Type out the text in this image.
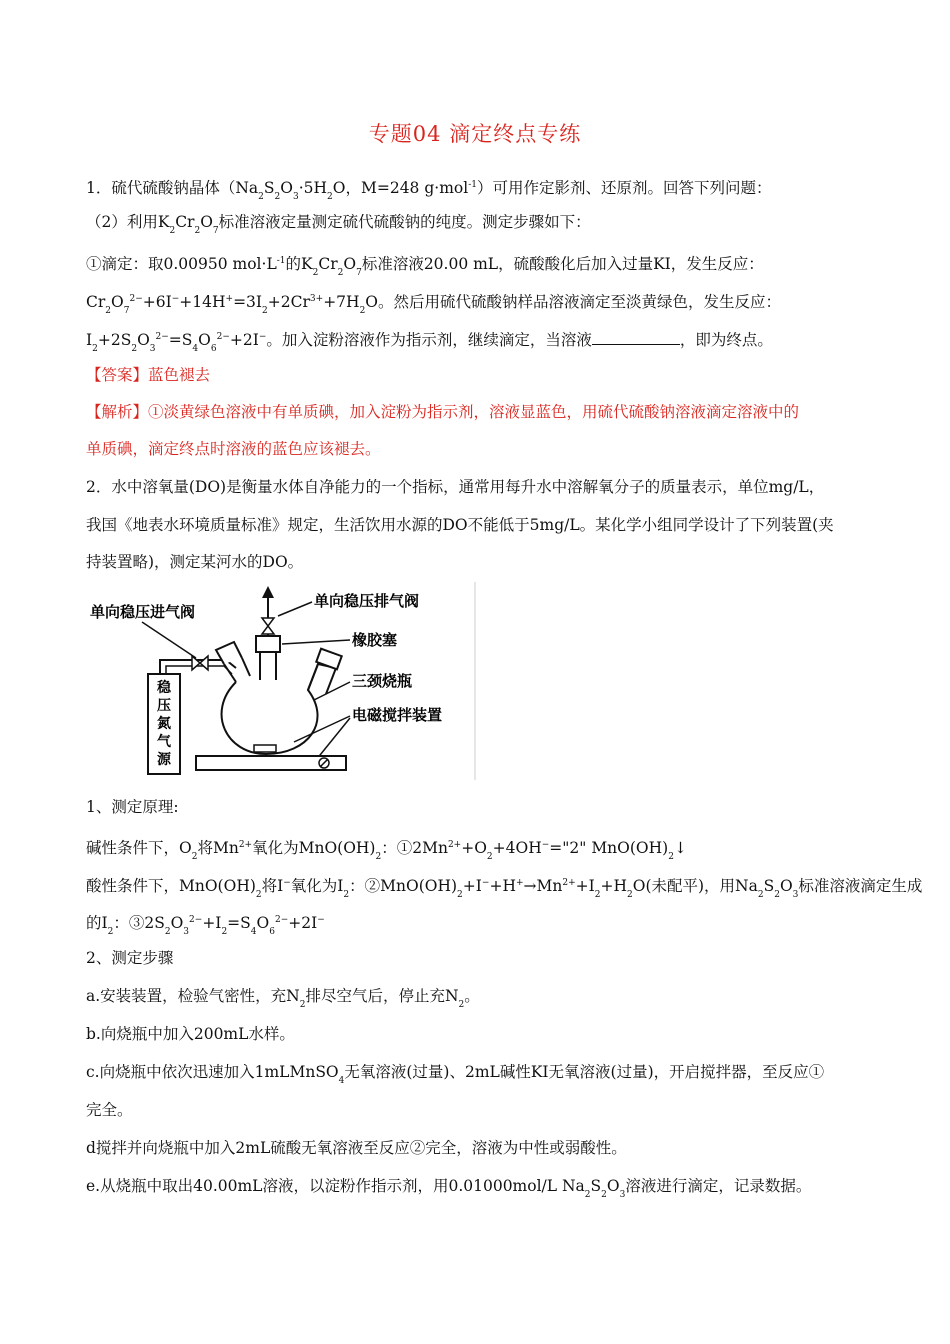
专题04 滴定终点专练
1．硫代硫酸钠晶体（$Na_2S_2O_3\cdot 5H_2O$，M=248 g·mol$^{-1}$）可用作定影剂、还原剂。回答下列问题：
（2）利用$K_2Cr_2O_7$标准溶液定量测定硫代硫酸钠的纯度。测定步骤如下：
①滴定：取0.00950 $mol\cdot L^{-1}$的$K_2Cr_2O_7$标准溶液20.00 mL，硫酸酸化后加入过量KI，发生反应：
$Cr_2O_7^{2-}+6I^-+14H^+=3I_2+2Cr^{3+}+7H_2O$。然后用硫代硫酸钠样品溶液滴定至淡黄绿色，发生反应：
$I_2+2S_2O_3^{2-}=S_4O_6^{2-}+2I^-$。加入淀粉溶液作为指示剂，继续滴定，当溶液	，即为终点。
【答案】蓝色褪去
【解析】①淡黄绿色溶液中有单质碘，加入淀粉为指示剂，溶液显蓝色，用硫代硫酸钠溶液滴定溶液中的
单质碘，滴定终点时溶液的蓝色应该褪去。
2．水中溶氧量(DO)是衡量水体自净能力的一个指标，通常用每升水中溶解氧分子的质量表示，单位mg/L，
我国《地表水环境质量标准》规定，生活饮用水源的DO不能低于5mg/L。某化学小组同学设计了下列装置(夹
持装置略)，测定某河水的DO。
稳
压
氮
气
源
单向稳压进气阀
单向稳压排气阀
橡胶塞
三颈烧瓶
电磁搅拌装置
1、测定原理:
碱性条件下，$O_2$将$Mn^{2+}$氧化为$MnO(OH)_2$：$①2Mn^{2+}+O_2+4OH^-="2$" $MnO(OH)_2↓$
酸性条件下，$MnO(OH)_2$将I−氧化为$I_2$：$②MnO(OH)_2+I^-+H^+\to Mn^{2+}+I_2+H_2O$(未配平)，用$Na_2S_2O_3$标准溶液滴定生成
的$I_2$：$③2S_2O_3^{2-}+I_2=S_4O_6^{2-}+2I^-$
2、测定步骤
a.安装装置，检验气密性，充$N_2$排尽空气后，停止充$N_2$。
b.向烧瓶中加入200mL水样。
c.向烧瓶中依次迅速加入1mLMnSO$_4$无氧溶液(过量)、2mL碱性KI无氧溶液(过量)，开启搅拌器，至反应①
完全。
d搅拌并向烧瓶中加入2mL硫酸无氧溶液至反应②完全，溶液为中性或弱酸性。
e.从烧瓶中取出40.00mL溶液，以淀粉作指示剂，用0.01000mol/L $Na_2S_2O_3$溶液进行滴定，记录数据。
